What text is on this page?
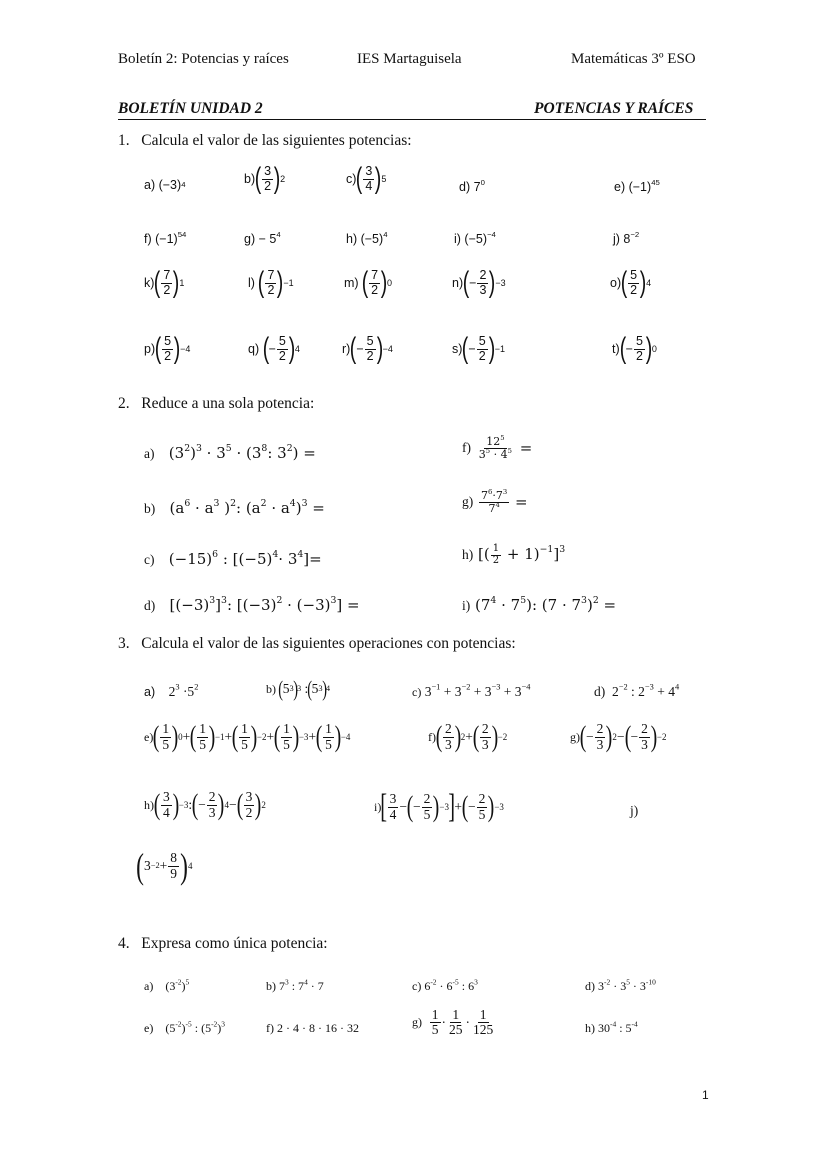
Boletín 2: Potencias y raíces	IES Martaguisela	Matemáticas 3º ESO
BOLETÍN UNIDAD 2	POTENCIAS Y RAÍCES
1. Calcula el valor de las siguientes potencias:
a) (−3) 4	b) ( $\frac{3}{2}$ ) 2	c) ( $\frac{3}{4}$ ) 5
d) $7^0$	e) $(-1)^{45}$
f) $(-1)^{54}$	$g) - 5^4$	h) $(-5)^4$	i) $(-5)^{-4}$	j) $8^{-2}$
k) ( $\frac{7}{2}$ ) 1	l)
( $\frac{7}{2}$ ) −1	m)
( $\frac{7}{2}$ ) 0	n) ( − $\frac{2}{3}$ ) −3	o) ( $\frac{5}{2}$ ) 4
p) ( $\frac{5}{2}$ ) −4	q)
( − $\frac{5}{2}$ ) 4	r) ( − $\frac{5}{2}$ ) −4	s) ( − $\frac{5}{2}$ ) −1	t) ( − $\frac{5}{2}$ ) 0
2. Reduce a una sola potencia:
a)   $(3^2)^3 \cdot 3^5 \cdot (3^8$: $3^2$) =	f)
$\frac{12^5}{3^5 \cdot 4^5}$ =
b)   ($a^6 \cdot a^3$ )$^2$: $(a^2 \cdot a^4)^3$ =	g)
$\frac{7^6\cdot 7^3}{7^4}$ =
c)   $(-15)^6$ : $[(-5)^4\cdot 3^4]=$	h) [( $\frac{1}{2} + 1)^{-1}]^3$
d)   $[(-3)^3]^3$: $[(-3)^2 \cdot (-3)^3]$ =	i) $(7^4 \cdot 7^5)$: $(7 \cdot 7^3)^2$ =
3. Calcula el valor de las siguientes operaciones con potencias:
a)    $2^3 \cdot 5^2$	b)
( 5 3 ) 3 : ( 5 3 ) 4	c) $3^{-1} + 3^{-2} + 3^{-3} + 3^{-4}$	d)  $2^{-2}$ : $2^{-3} + 4^4$
e) ( $\frac{1}{5}$ ) 0 + ( $\frac{1}{5}$ ) −1 + ( $\frac{1}{5}$ ) −2 + ( $\frac{1}{5}$ ) −3 + ( $\frac{1}{5}$ ) −4	f) ( $\frac{2}{3}$ ) 2 + ( $\frac{2}{3}$ ) −2	g) ( − $\frac{2}{3}$ ) 2 − ( − $\frac{2}{3}$ ) −2
h) ( $\frac{3}{4}$ ) −3 : ( − $\frac{2}{3}$ ) 4 − ( $\frac{3}{2}$ ) 2	i) [ $\frac{3}{4}$ − ( − $\frac{2}{5}$ ) −3 ] + ( − $\frac{2}{5}$ ) −3	j)
( $3 -2 + \frac{8}{9}$ ) 4
4. Expresa como única potencia:
a)    $(3^{-2})^5$	b) $7^3$ : $7^4 \cdot 7$	c) $6^{-2} \cdot 6^{-5}$ : $6^3$	d) $3^{-2} \cdot 3^5 \cdot 3^{-10}$
e)    $(5^{-2})^{-5}$ : $(5^{-2})^3$	f) 2 · 4 · 8 · 16 · 32	g)
$\frac{1}{5} \cdot \frac{1}{25} \cdot \frac{1}{125}$	h) $30^{-4}$ : $5^{-4}$
1
